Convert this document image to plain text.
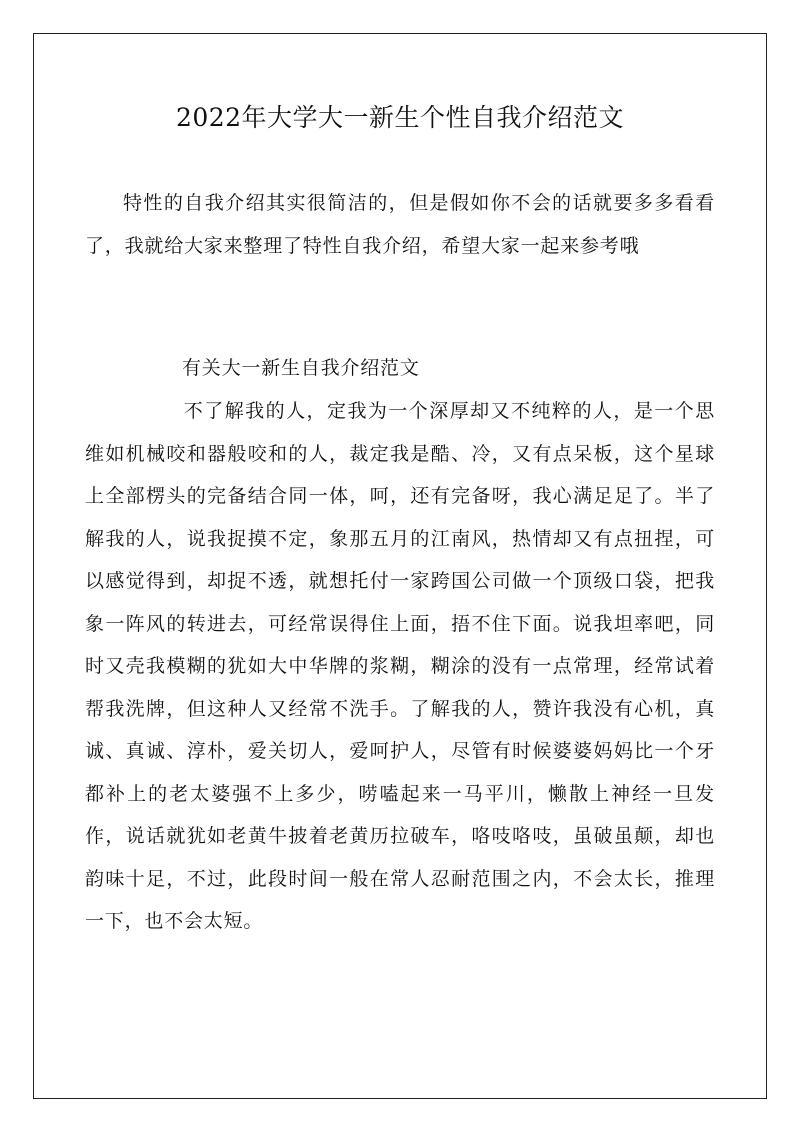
2022年大学大一新生个性自我介绍范文

特性的自我介绍其实很简洁的，但是假如你不会的话就要多多看看了，我就给大家来整理了特性自我介绍，希望大家一起来参考哦

有关大一新生自我介绍范文

不了解我的人，定我为一个深厚却又不纯粹的人，是一个思维如机械咬和器般咬和的人，裁定我是酷、冷，又有点呆板，这个星球上全部楞头的完备结合同一体，呵，还有完备呀，我心满足足了。半了解我的人，说我捉摸不定，象那五月的江南风，热情却又有点扭捏，可以感觉得到，却捉不透，就想托付一家跨国公司做一个顶级口袋，把我象一阵风的转进去，可经常误得住上面，捂不住下面。说我坦率吧，同时又壳我模糊的犹如大中华牌的浆糊，糊涂的没有一点常理，经常试着帮我洗牌，但这种人又经常不洗手。了解我的人，赞许我没有心机，真诚、真诚、淳朴，爱关切人，爱呵护人，尽管有时候婆婆妈妈比一个牙都补上的老太婆强不上多少，唠嗑起来一马平川，懒散上神经一旦发作，说话就犹如老黄牛披着老黄历拉破车，咯吱咯吱，虽破虽颠，却也韵味十足，不过，此段时间一般在常人忍耐范围之内，不会太长，推理一下，也不会太短。
